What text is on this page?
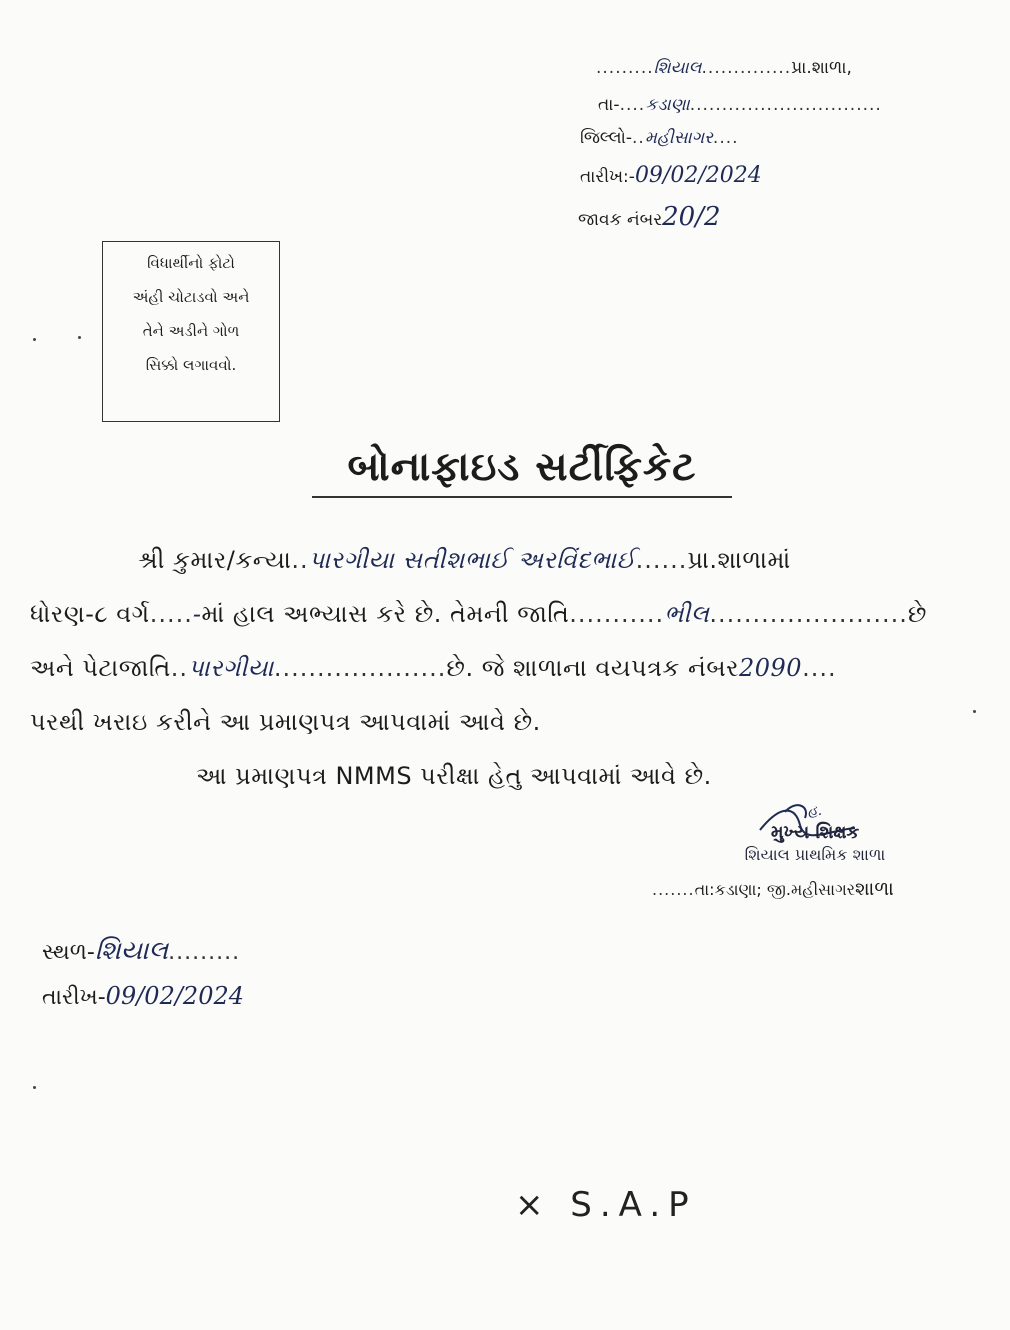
.........શિયાલ..............પ્રા.શાળા,
તા-....કડાણા..............................
જિલ્લો-..મહીસાગર....
તારીખ:-09/02/2024
જાવક નંબર20/2
વિધાર્થીનો ફોટો
અંહી ચોટાડવો અને
તેને અડીને ગોળ
સિક્કો લગાવવો.
બોનાફાઇડ સર્ટીફિકેટ
શ્રી કુમાર/કન્યા..પારગીયા સતીશભાઈ અરવિંદભાઈ......પ્રા.શાળામાં
ધોરણ-૮ વર્ગ.....-માં હાલ અભ્યાસ કરે છે. તેમની જાતિ...........ભીલ.......................છે
અને પેટાજાતિ..પારગીયા....................છે. જે શાળાના વયપત્રક નંબર2090....
પરથી ખરાઇ કરીને આ પ્રમાણપત્ર આપવામાં આવે છે.
આ પ્રમાણપત્ર NMMS પરીક્ષા હેતુ આપવામાં આવે છે.
હ.
મુખ્ય શિક્ષક
શિયાલ પ્રાથમિક શાળા
.......તા:કડાણા; જી.મહીસાગરશાળા
સ્થળ-શિયાલ.........
તારીખ-09/02/2024
× S.A.P
